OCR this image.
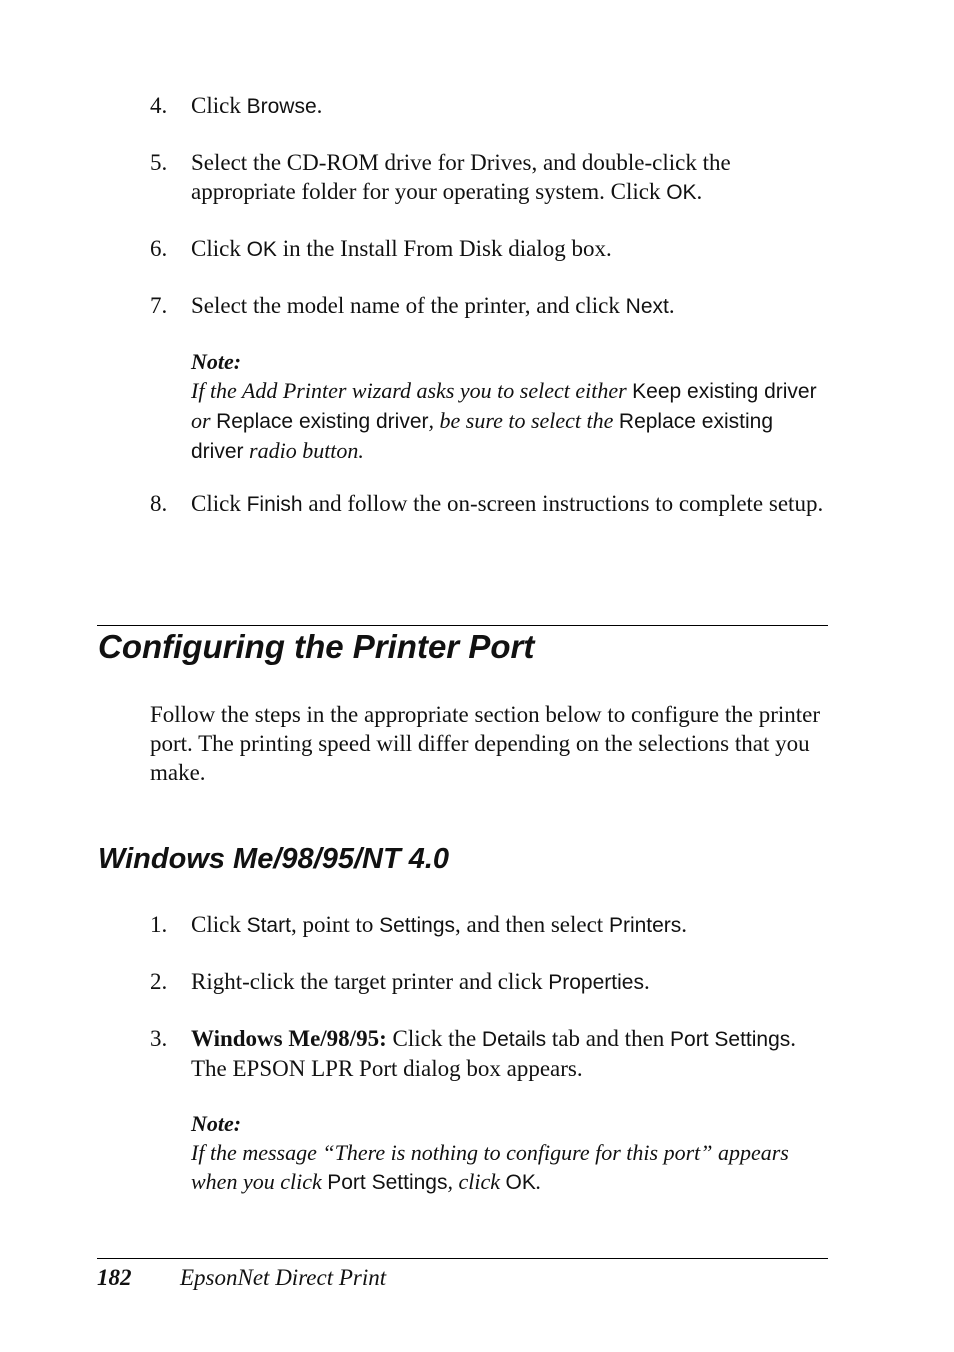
4.	Click Browse.

5.	Select the CD-ROM drive for Drives, and double-click the appropriate folder for your operating system. Click OK.

6.	Click OK in the Install From Disk dialog box.

7.	Select the model name of the printer, and click Next.

Note:
If the Add Printer wizard asks you to select either Keep existing driver or Replace existing driver, be sure to select the Replace existing driver radio button.

8.	Click Finish and follow the on-screen instructions to complete setup.

Configuring the Printer Port

Follow the steps in the appropriate section below to configure the printer port. The printing speed will differ depending on the selections that you make.

Windows Me/98/95/NT 4.0

1.	Click Start, point to Settings, and then select Printers.

2.	Right-click the target printer and click Properties.

3.	Windows Me/98/95: Click the Details tab and then Port Settings. The EPSON LPR Port dialog box appears.

Note:
If the message “There is nothing to configure for this port” appears when you click Port Settings, click OK.
182 EpsonNet Direct Print
